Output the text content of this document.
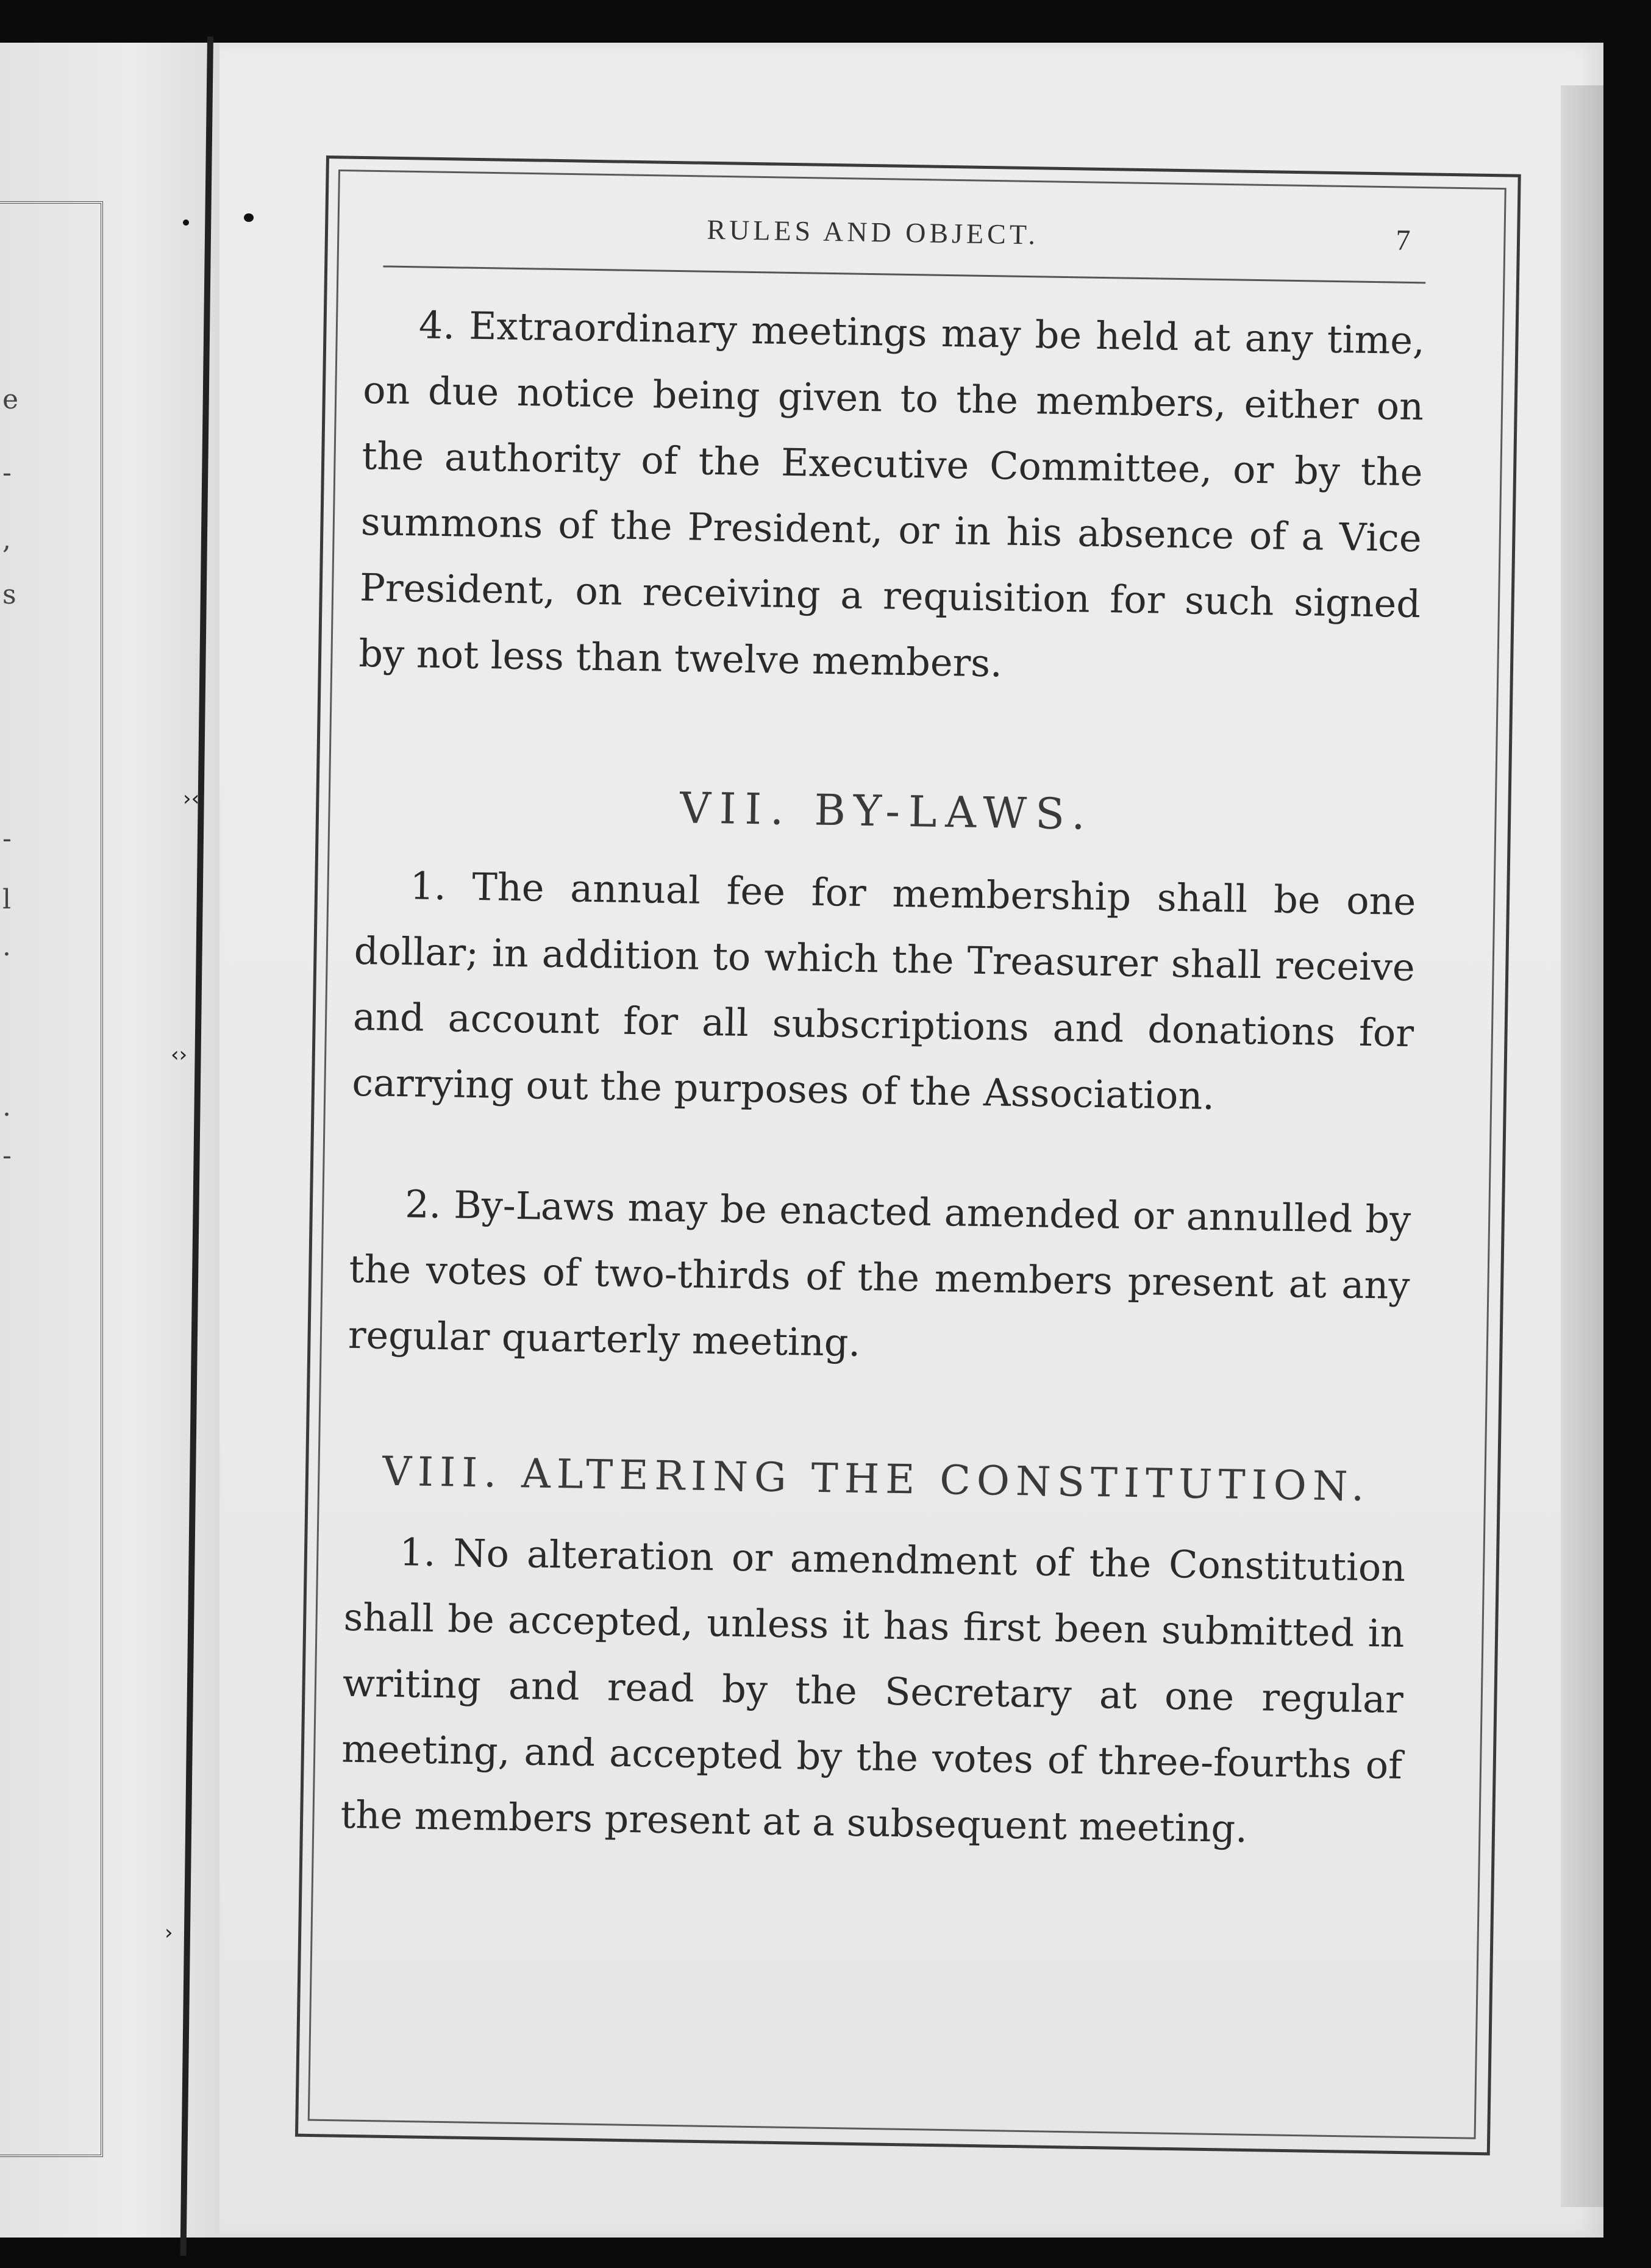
e
-
,
s
-
l
·
.
-
›‹
‹›
›
RULES AND OBJECT.	7

4. Extraordinary meetings may be held at any time, on due notice being given to the members, either on the authority of the Executive Committee, or by the summons of the President, or in his absence of a Vice President, on receiving a requisition for such signed by not less than twelve members.

VII. BY-LAWS.

1. The annual fee for membership shall be one dollar; in addition to which the Treasurer shall receive and account for all subscriptions and donations for carrying out the purposes of the Association.

2. By-Laws may be enacted amended or annulled by the votes of two-thirds of the members present at any regular quarterly meeting.

VIII. ALTERING THE CONSTITUTION.

1. No alteration or amendment of the Constitution shall be accepted, unless it has first been submitted in writing and read by the Secretary at one regular meeting, and accepted by the votes of three-fourths of the members present at a subsequent meeting.
